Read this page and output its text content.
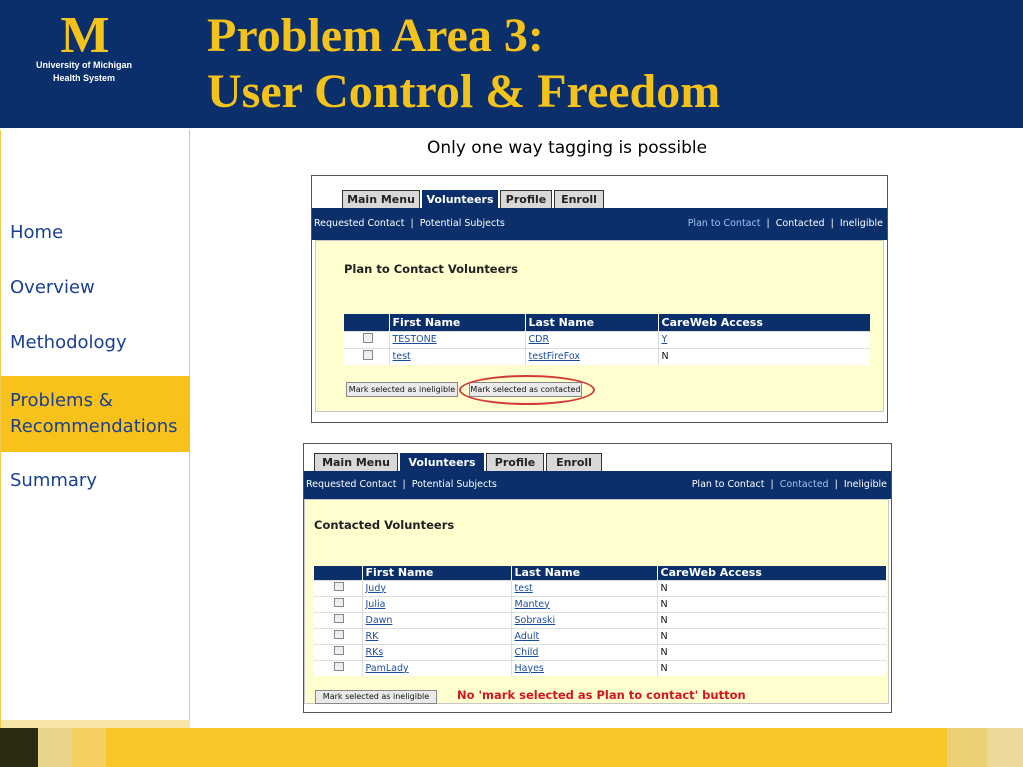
M
University of Michigan
Health System
Problem Area 3:
User Control & Freedom
Home
Overview
Methodology
Problems & Recommendations
Summary
Only one way tagging is possible
Main Menu	Volunteers	Profile	Enroll
Requested Contact  |  Potential Subjects	Plan to Contact  |  Contacted  |  Ineligible
Plan to Contact Volunteers
	First Name	Last Name	CareWeb Access
	TESTONE	CDR	Y
	test	testFireFox	N
Mark selected as ineligible	Mark selected as contacted
Main Menu	Volunteers	Profile	Enroll
Requested Contact  |  Potential Subjects	Plan to Contact  |  Contacted  |  Ineligible
Contacted Volunteers
	First Name	Last Name	CareWeb Access
	Judy	test	N
	Julia	Mantey	N
	Dawn	Sobraski	N
	RK	Adult	N
	RKs	Child	N
	PamLady	Hayes	N
Mark selected as ineligible	No 'mark selected as Plan to contact' button
